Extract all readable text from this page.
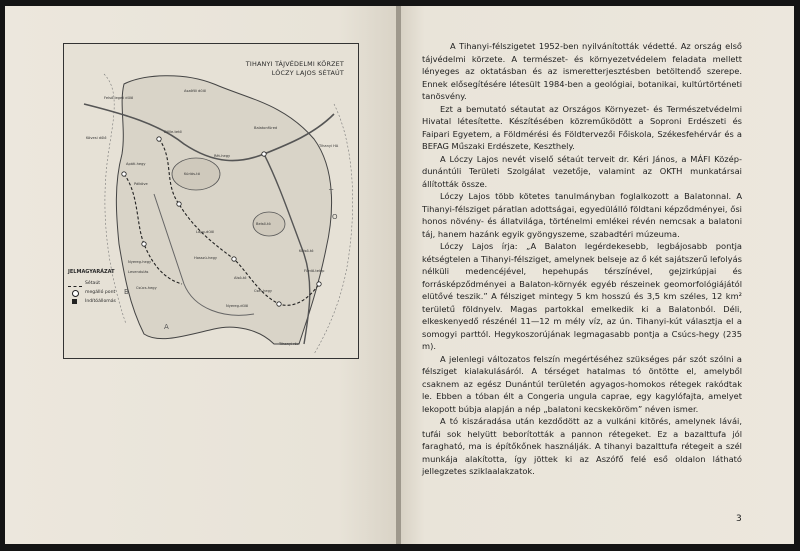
B
A
T
O
TIHANYI TÁJVÉDELMI KÖRZET
LÓCZY LAJOS SÉTAÚT
Aszófői dűlő
Felső-legeli dűlő
Kövesi dűlő
Dőlle-tető
Apáti-hegy
Pálköve
Rét-hegy
Kúriás-tó
Belső-tó
Nyereg-hegy
Levendulás
Csúcs-hegy
Lapo-dűlő
Hosszú-hegy
Alsó-tó
Nyereg-dűlő
Cser-hegy
Fürdő-telep
Külső-tó
Tihanyi rév
Balatonfüred
Tihanyi HA
JELMAGYARÁZAT
Sétaút
megálló pont
Indítóállomás

A Tihanyi-félszigetet 1952-ben nyilvánították védetté. Az ország első tájvédelmi körzete. A természet- és környezetvédelem feladata mellett lényeges az oktatásban és az ismeretterjesztésben betöltendő szerepe. Ennek elősegítésére létesült 1984-ben a geológiai, botanikai, kultúrtörténeti tanösvény.

Ezt a bemutató sétautat az Országos Környezet- és Természetvédelmi Hivatal létesítette. Készítésében közreműködött a Soproni Erdészeti és Faipari Egyetem, a Földmérési és Földtervezői Főiskola, Székesfehérvár és a BEFAG Műszaki Erdészete, Keszthely.

A Lóczy Lajos nevét viselő sétaút terveit dr. Kéri János, a MÁFI Közép-dunántúli Területi Szolgálat vezetője, valamint az OKTH munkatársai állították össze.

Lóczy Lajos több kötetes tanulmányban foglalkozott a Balatonnal. A Tihanyi-félsziget páratlan adottságai, egyedülálló földtani képződményei, ősi honos növény- és állatvilága, történelmi emlékei révén nemcsak a balatoni táj, hanem hazánk egyik gyöngyszeme, szabadtéri múzeuma.

Lóczy Lajos írja: „A Balaton legérdekesebb, legbájosabb pontja kétségtelen a Tihanyi-félsziget, amelynek belseje az ő két sajátszerű lefolyás nélküli medencéjével, hepehupás térszínével, gejzirkúpjai és forrásképződményei a Balaton-környék egyéb részeinek geomorfológiájától elütővé teszik.” A félsziget mintegy 5 km hosszú és 3,5 km széles, 12 km² területű földnyelv. Magas partokkal emelkedik ki a Balatonból. Déli, elkeskenyedő részénél 11—12 m mély víz, az ún. Tihanyi-kút választja el a somogyi parttól. Hegykoszorújának legmagasabb pontja a Csúcs-hegy (235 m).

A jelenlegi változatos felszín megértéséhez szükséges pár szót szólni a félsziget kialakulásáról. A térséget hatalmas tó öntötte el, amelyből csaknem az egész Dunántúl területén agyagos-homokos rétegek rakódtak le. Ebben a tóban élt a Congeria ungula caprae, egy kagylófajta, amelyet lekopott búbja alapján a nép „balatoni kecskeköröm” néven ismer.

A tó kiszáradása után kezdődött az a vulkáni kitörés, amelynek lávái, tufái sok helyütt beborították a pannon rétegeket. Ez a bazalttufa jól faragható, ma is építőkőnek használják. A tihanyi bazalttufa rétegeit a szél munkája alakította, így jöttek ki az Aszófő felé eső oldalon látható jellegzetes sziklaalakzatok.

3
